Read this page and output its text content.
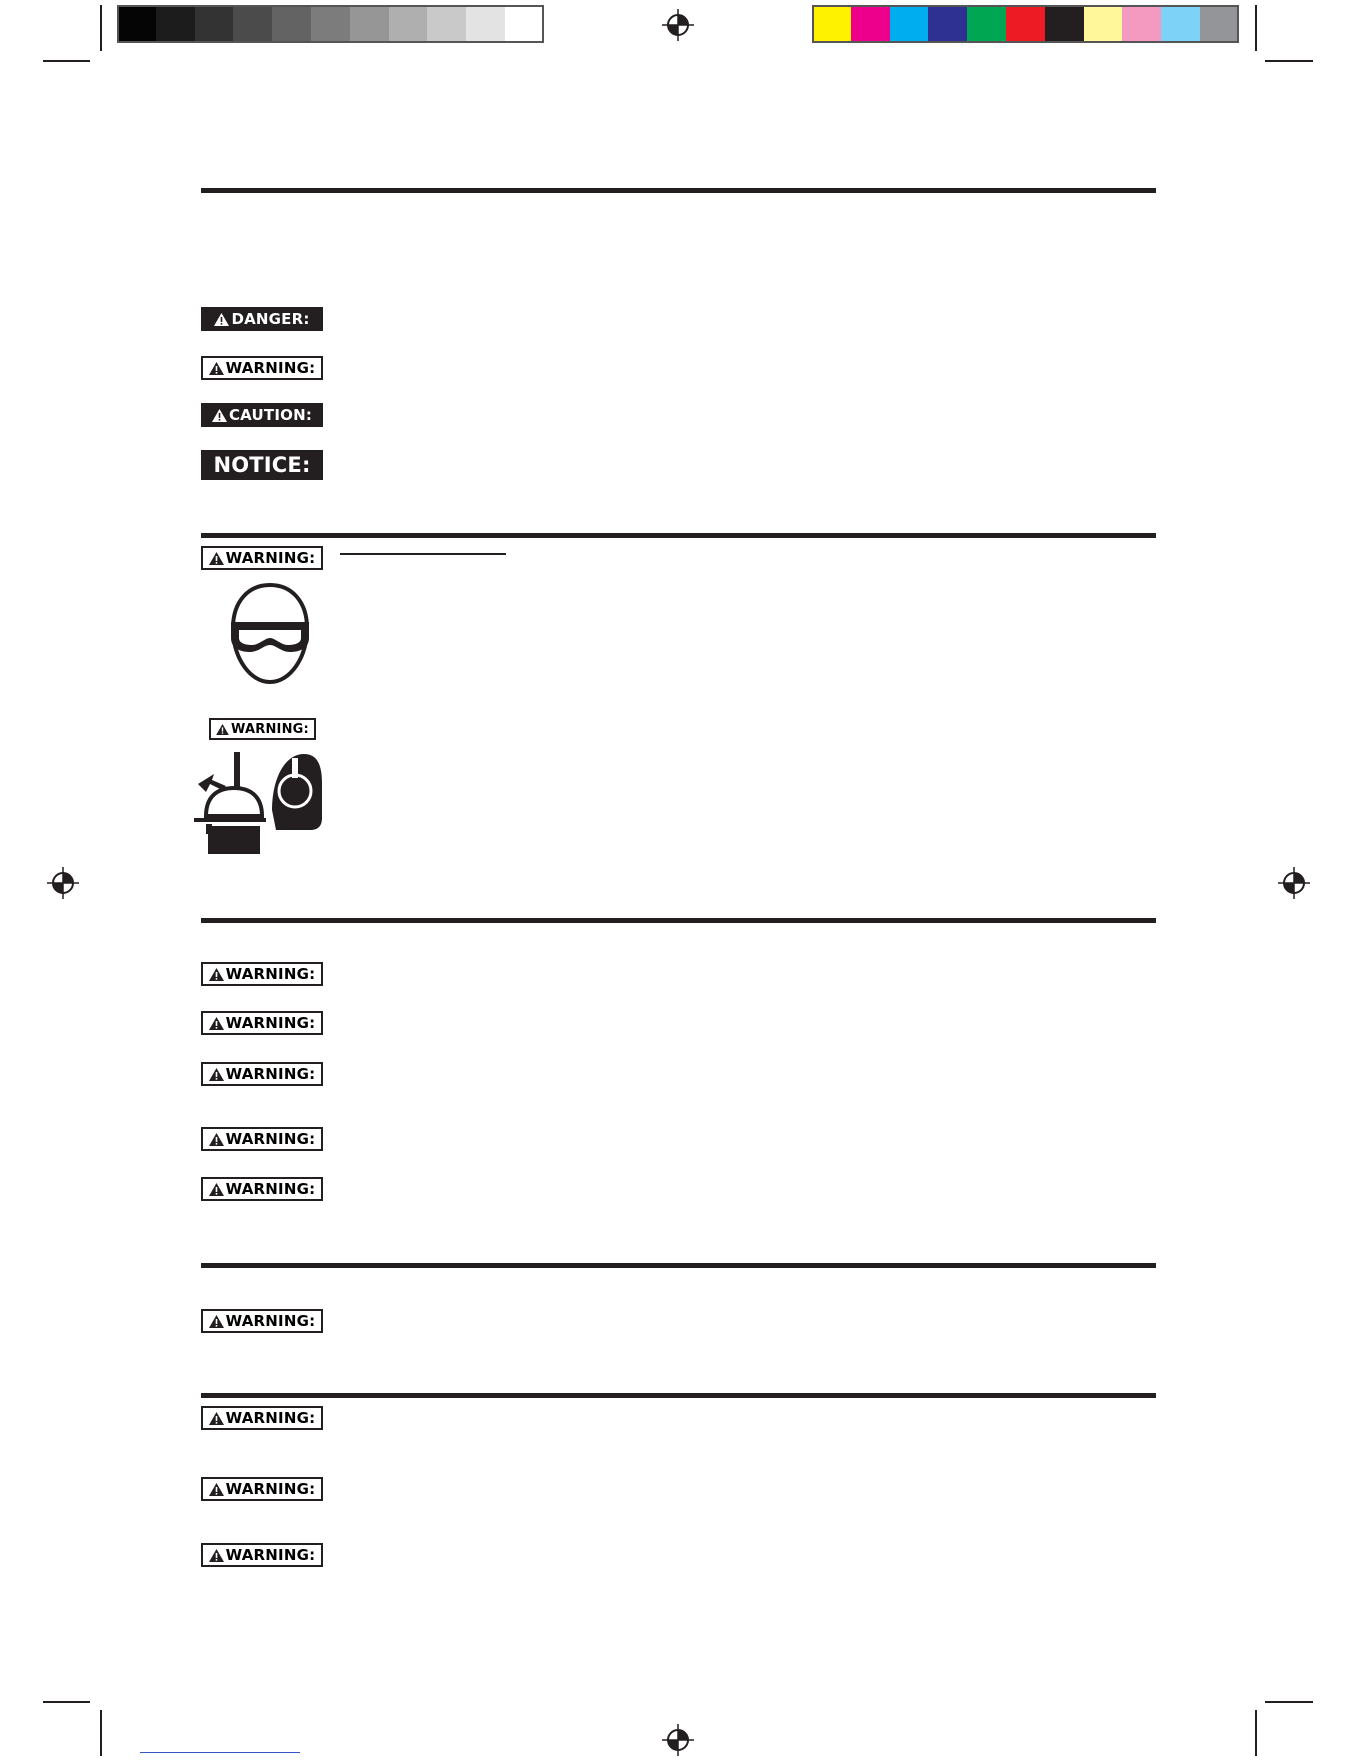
DANGER:
CAUTION:
NOTICE:
WARNING:
WARNING:
WARNING:
WARNING:
WARNING:
WARNING:
WARNING:
WARNING:
WARNING:
WARNING:
WARNING:
WARNING:
